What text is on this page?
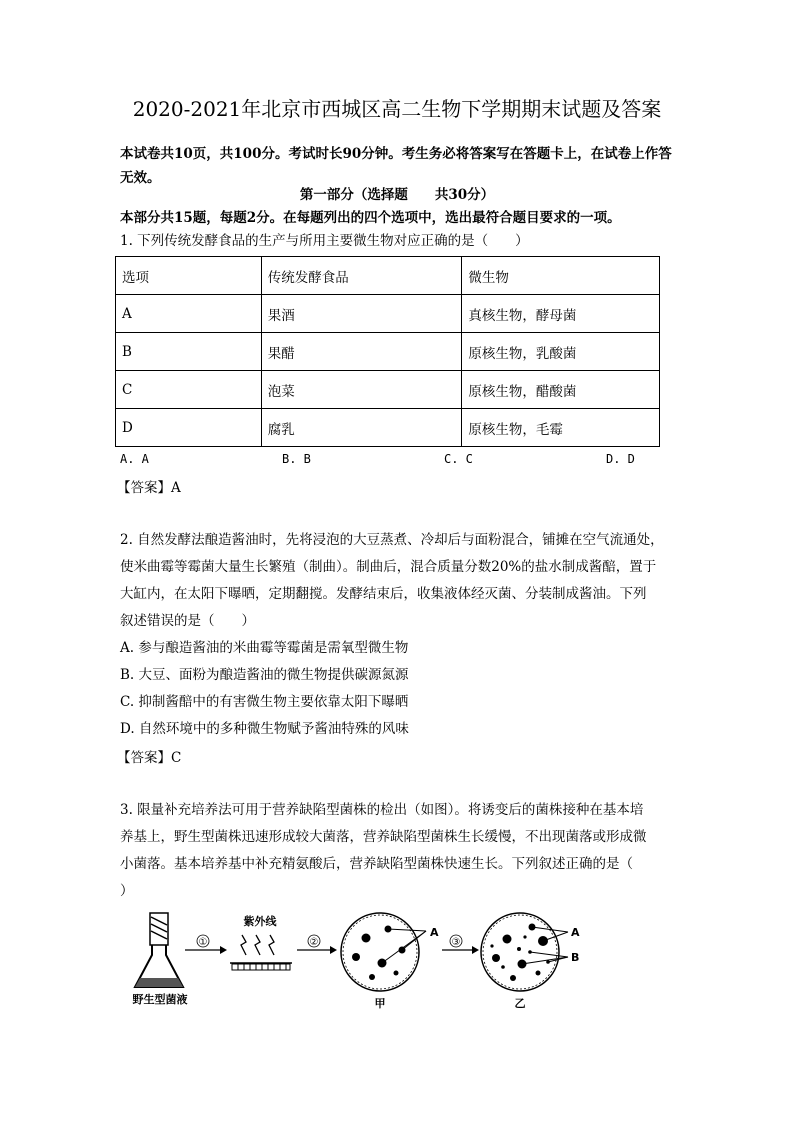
2020-2021年北京市西城区高二生物下学期期末试题及答案
本试卷共10页，共100分。考试时长90分钟。考生务必将答案写在答题卡上，在试卷上作答无效。
第一部分（选择题　　共30分）
本部分共15题，每题2分。在每题列出的四个选项中，选出最符合题目要求的一项。
1. 下列传统发酵食品的生产与所用主要微生物对应正确的是（　　）
选项	传统发酵食品	微生物
A	果酒	真核生物，酵母菌
B	果醋	原核生物，乳酸菌
C	泡菜	原核生物，醋酸菌
D	腐乳	原核生物，毛霉
A. A	B. B	C. C	D. D
【答案】A
2. 自然发酵法酿造酱油时，先将浸泡的大豆蒸煮、冷却后与面粉混合，铺摊在空气流通处，
使米曲霉等霉菌大量生长繁殖（制曲）。制曲后，混合质量分数20%的盐水制成酱醅，置于
大缸内，在太阳下曝晒，定期翻搅。发酵结束后，收集液体经灭菌、分装制成酱油。下列
叙述错误的是（　　）
A. 参与酿造酱油的米曲霉等霉菌是需氧型微生物
B. 大豆、面粉为酿造酱油的微生物提供碳源氮源
C. 抑制酱醅中的有害微生物主要依靠太阳下曝晒
D. 自然环境中的多种微生物赋予酱油特殊的风味
【答案】C
3. 限量补充培养法可用于营养缺陷型菌株的检出（如图）。将诱变后的菌株接种在基本培
养基上，野生型菌株迅速形成较大菌落，营养缺陷型菌株生长缓慢，不出现菌落或形成微
小菌落。基本培养基中补充精氨酸后，营养缺陷型菌株快速生长。下列叙述正确的是（
）
野生型菌液
①
紫外线
②
A
甲
③
A
B
乙
